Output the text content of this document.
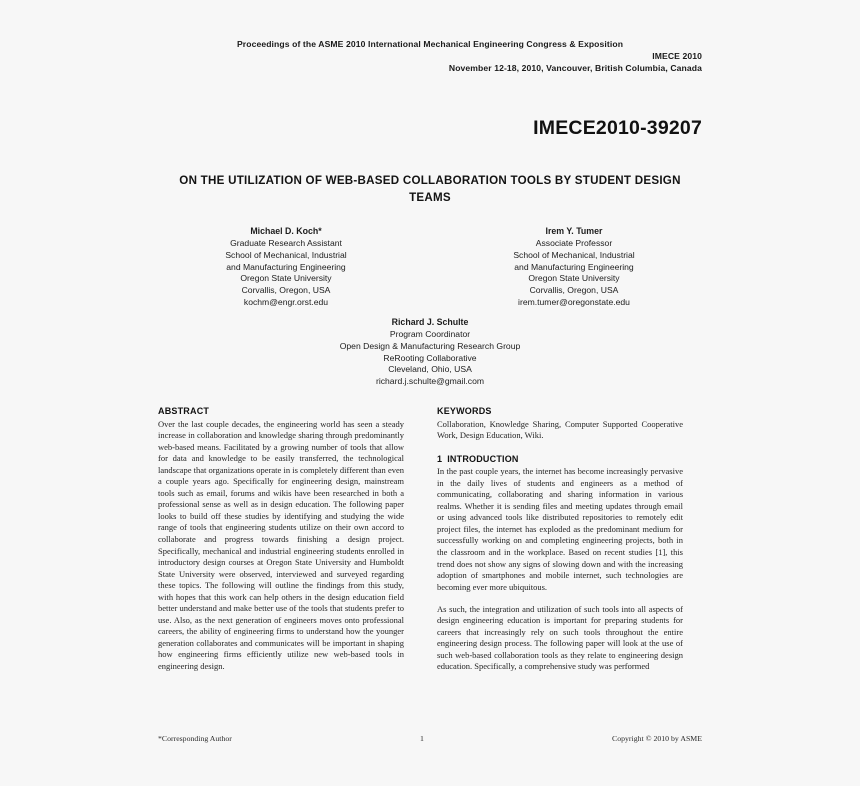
Proceedings of the ASME 2010 International Mechanical Engineering Congress & Exposition
IMECE 2010
November 12-18, 2010, Vancouver, British Columbia, Canada
IMECE2010-39207
ON THE UTILIZATION OF WEB-BASED COLLABORATION TOOLS BY STUDENT DESIGN TEAMS
Michael D. Koch*
Graduate Research Assistant
School of Mechanical, Industrial
and Manufacturing Engineering
Oregon State University
Corvallis, Oregon, USA
kochm@engr.orst.edu
Irem Y. Tumer
Associate Professor
School of Mechanical, Industrial
and Manufacturing Engineering
Oregon State University
Corvallis, Oregon, USA
irem.tumer@oregonstate.edu
Richard J. Schulte
Program Coordinator
Open Design & Manufacturing Research Group
ReRooting Collaborative
Cleveland, Ohio, USA
richard.j.schulte@gmail.com
ABSTRACT

Over the last couple decades, the engineering world has seen a steady increase in collaboration and knowledge sharing through predominantly web-based means. Facilitated by a growing number of tools that allow for data and knowledge to be easily transferred, the technological landscape that organizations operate in is completely different than even a couple years ago. Specifically for engineering design, mainstream tools such as email, forums and wikis have been researched in both a professional sense as well as in design education. The following paper looks to build off these studies by identifying and studying the wide range of tools that engineering students utilize on their own accord to collaborate and progress towards finishing a design project. Specifically, mechanical and industrial engineering students enrolled in introductory design courses at Oregon State University and Humboldt State University were observed, interviewed and surveyed regarding these topics. The following will outline the findings from this study, with hopes that this work can help others in the design education field better understand and make better use of the tools that students prefer to use. Also, as the next generation of engineers moves onto professional careers, the ability of engineering firms to understand how the younger generation collaborates and communicates will be important in shaping how engineering firms efficiently utilize new web-based tools in engineering design.

KEYWORDS

Collaboration, Knowledge Sharing, Computer Supported Cooperative Work, Design Education, Wiki.

1 INTRODUCTION

In the past couple years, the internet has become increasingly pervasive in the daily lives of students and engineers as a method of communicating, collaborating and sharing information in various realms. Whether it is sending files and meeting updates through email or using advanced tools like distributed repositories to remotely edit project files, the internet has exploded as the predominant medium for successfully working on and completing engineering projects, both in the classroom and in the workplace. Based on recent studies [1], this trend does not show any signs of slowing down and with the increasing adoption of smartphones and mobile internet, such technologies are becoming ever more ubiquitous.

As such, the integration and utilization of such tools into all aspects of design engineering education is important for preparing students for careers that increasingly rely on such tools throughout the entire engineering design process. The following paper will look at the use of such web-based collaboration tools as they relate to engineering design education. Specifically, a comprehensive study was performed

*Corresponding Author	1	Copyright © 2010 by ASME
